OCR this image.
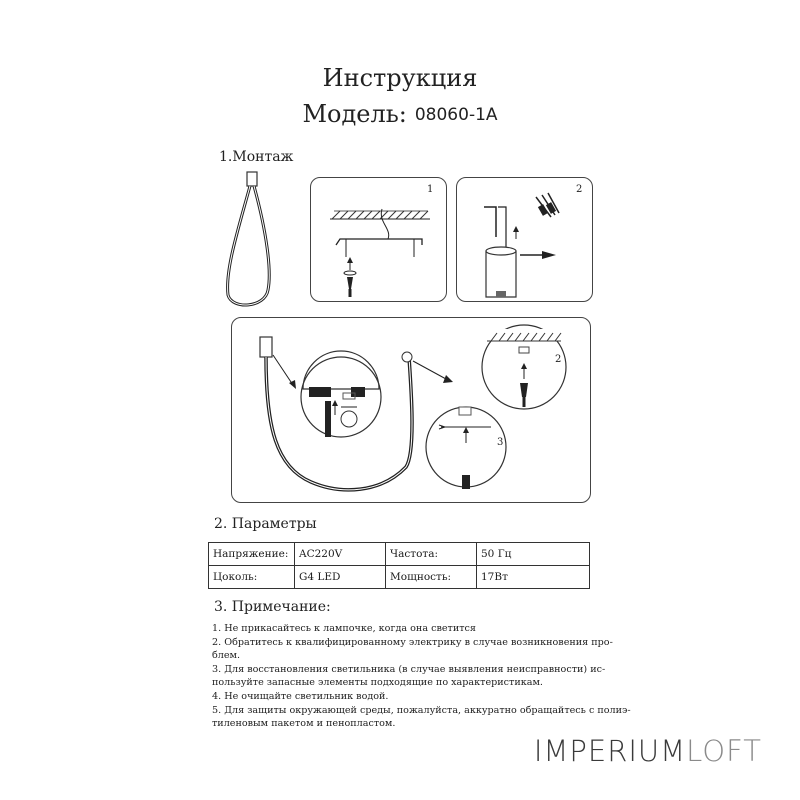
Инструкция
Модель: 08060-1A
1.Монтаж
1	2
2
3
2. Параметры
Напряжение:	AC220V	Частота:	50 Гц
Цоколь:	G4 LED	Мощность:	17Вт
3. Примечание:
1. Не прикасайтесь к лампочке, когда она светится
2. Обратитесь к квалифицированному электрику в случае возникновения про-
блем.
3. Для восстановления светильника (в случае выявления неисправности) ис-
пользуйте запасные элементы подходящие по характеристикам.
4. Не очищайте светильник водой.
5. Для защиты окружающей среды, пожалуйста, аккуратно обращайтесь с полиэ-
тиленовым пакетом и пенопластом.
IMPERIUMLOFT
